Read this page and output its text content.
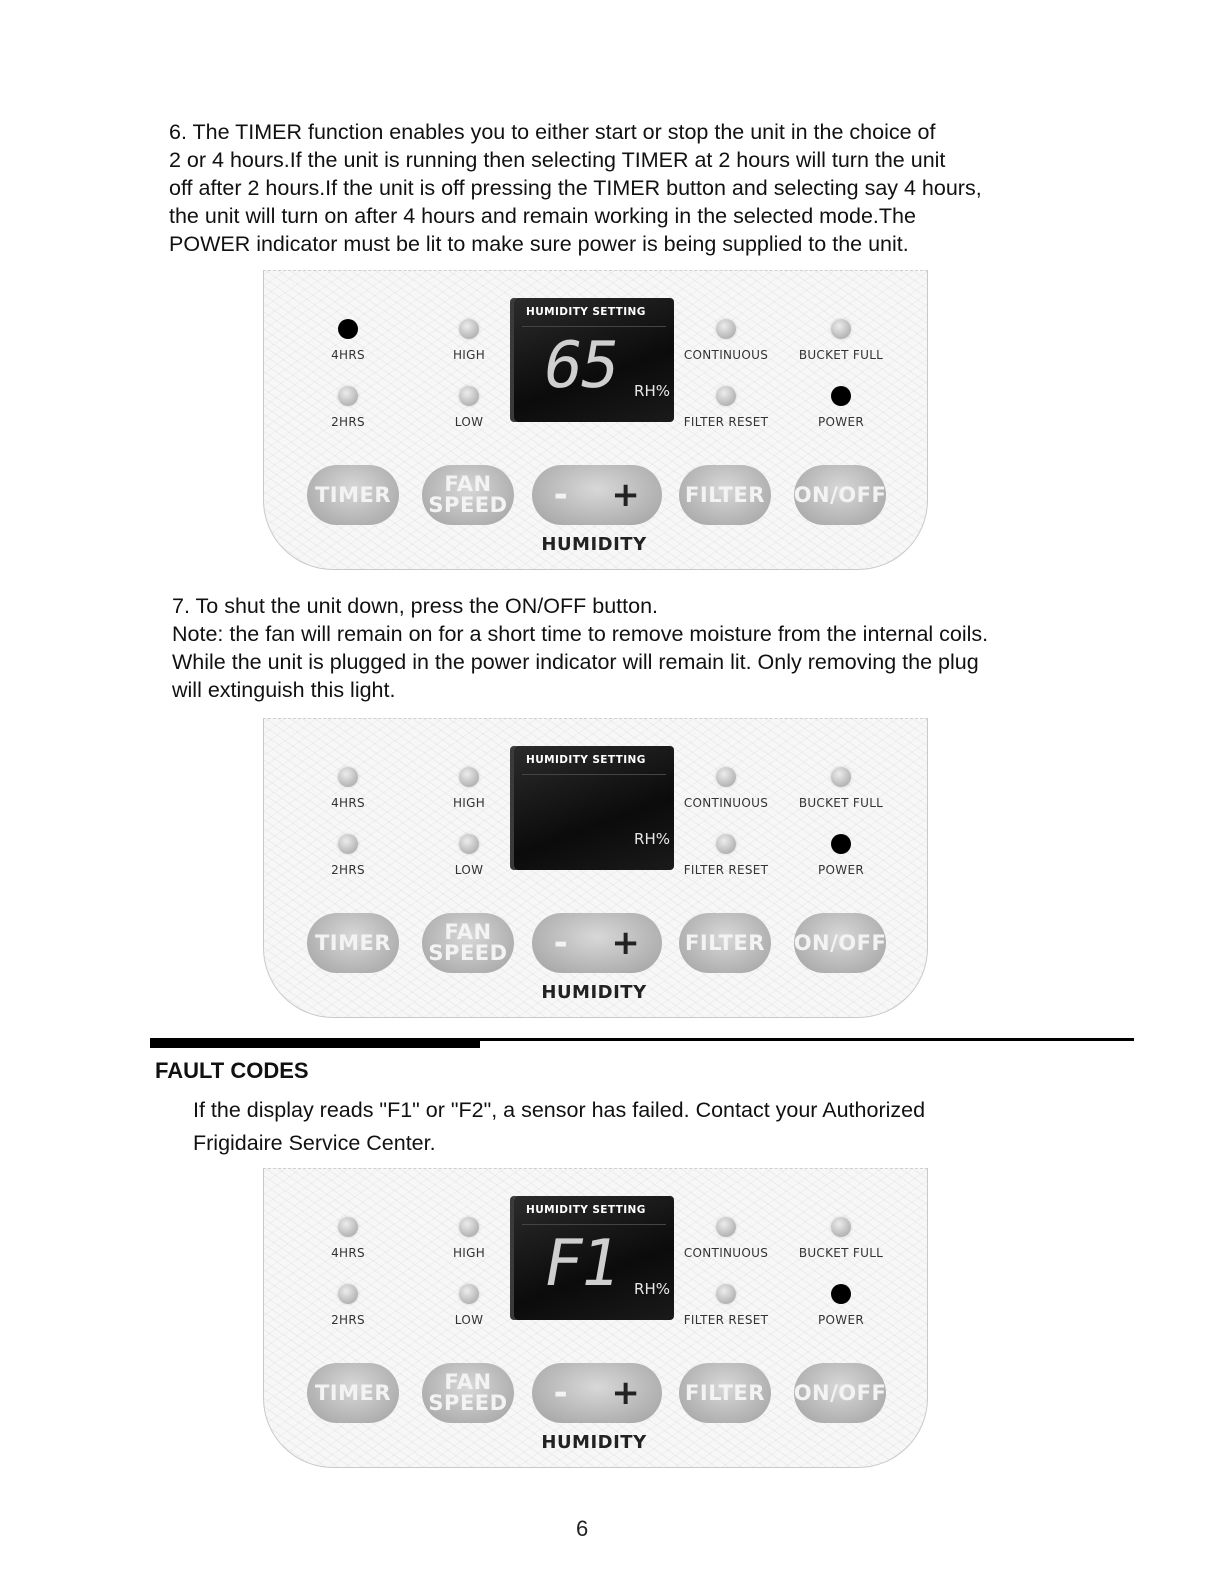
6. The TIMER function enables you to either start or stop the unit in the choice of
2 or 4 hours.If the unit is running then selecting TIMER at 2 hours will turn the unit
off after 2 hours.If the unit is off pressing the TIMER button and selecting say 4 hours,
the unit will turn on after 4 hours and remain working in the selected mode.The
POWER indicator must be lit to make sure power is being supplied to the unit.

4HRS
2HRS
HIGH
LOW
HUMIDITY SETTING
65 RH%
CONTINUOUS
FILTER RESET
BUCKET FULL
POWER
TIMER	FAN
SPEED - + FILTER ON/OFF
HUMIDITY

7. To shut the unit down, press the ON/OFF button.
Note: the fan will remain on for a short time to remove moisture from the internal coils.
While the unit is plugged in the power indicator will remain lit. Only removing the plug
will extinguish this light.

4HRS
2HRS
HIGH
LOW
HUMIDITY SETTING
RH%
CONTINUOUS
FILTER RESET
BUCKET FULL
POWER
TIMER	FAN
SPEED - + FILTER ON/OFF
HUMIDITY
FAULT CODES

If the display reads "F1" or "F2", a sensor has failed. Contact your Authorized
Frigidaire Service Center.

4HRS
2HRS
HIGH
LOW
HUMIDITY SETTING
F1 RH%
CONTINUOUS
FILTER RESET
BUCKET FULL
POWER
TIMER	FAN
SPEED - + FILTER ON/OFF
HUMIDITY
6
